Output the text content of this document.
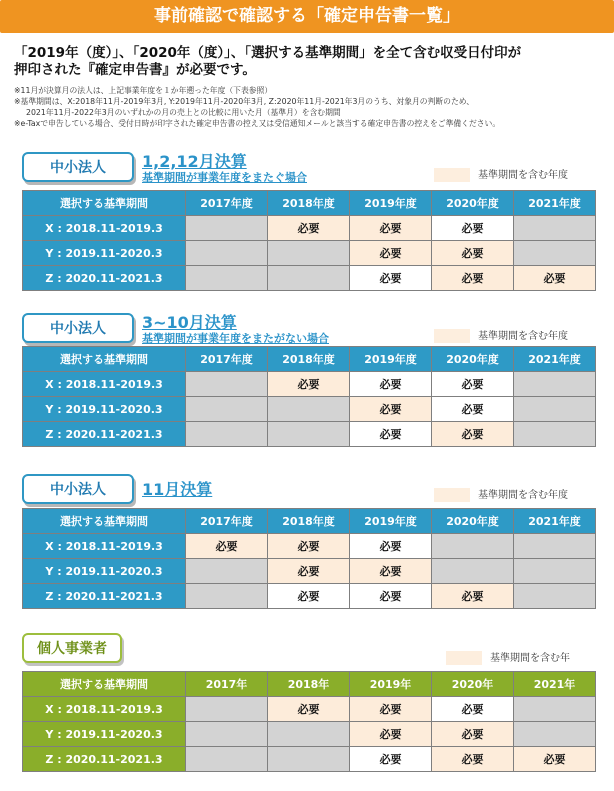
事前確認で確認する「確定申告書一覧」
「2019年（度）」、「2020年（度）」、「選択する基準期間」を全て含む収受日付印が
押印された『確定申告書』が必要です。
※11月が決算月の法人は、上記事業年度を１か年遡った年度（下表参照）
※基準期間は、X:2018年11月-2019年3月, Y:2019年11月-2020年3月, Z:2020年11月-2021年3月のうち、対象月の判断のため、
2021年11月-2022年3月のいずれかの月の売上との比較に用いた月（基準月）を含む期間
※e-Taxで申告している場合、受付日時が印字された確定申告書の控え又は受信通知メールと該当する確定申告書の控えをご準備ください。
中小法人	1,2,12月決算
基準期間が事業年度をまたぐ場合	基準期間を含む年度
選択する基準期間	2017年度	2018年度	2019年度	2020年度	2021年度
X : 2018.11-2019.3		必要	必要	必要	
Y : 2019.11-2020.3			必要	必要	
Z : 2020.11-2021.3			必要	必要	必要
中小法人	3~10月決算
基準期間が事業年度をまたがない場合	基準期間を含む年度
選択する基準期間	2017年度	2018年度	2019年度	2020年度	2021年度
X : 2018.11-2019.3		必要	必要	必要	
Y : 2019.11-2020.3			必要	必要	
Z : 2020.11-2021.3			必要	必要	
中小法人	11月決算	基準期間を含む年度
選択する基準期間	2017年度	2018年度	2019年度	2020年度	2021年度
X : 2018.11-2019.3	必要	必要	必要		
Y : 2019.11-2020.3		必要	必要		
Z : 2020.11-2021.3		必要	必要	必要	
個人事業者
基準期間を含む年
選択する基準期間	2017年	2018年	2019年	2020年	2021年
X : 2018.11-2019.3		必要	必要	必要	
Y : 2019.11-2020.3			必要	必要	
Z : 2020.11-2021.3			必要	必要	必要
